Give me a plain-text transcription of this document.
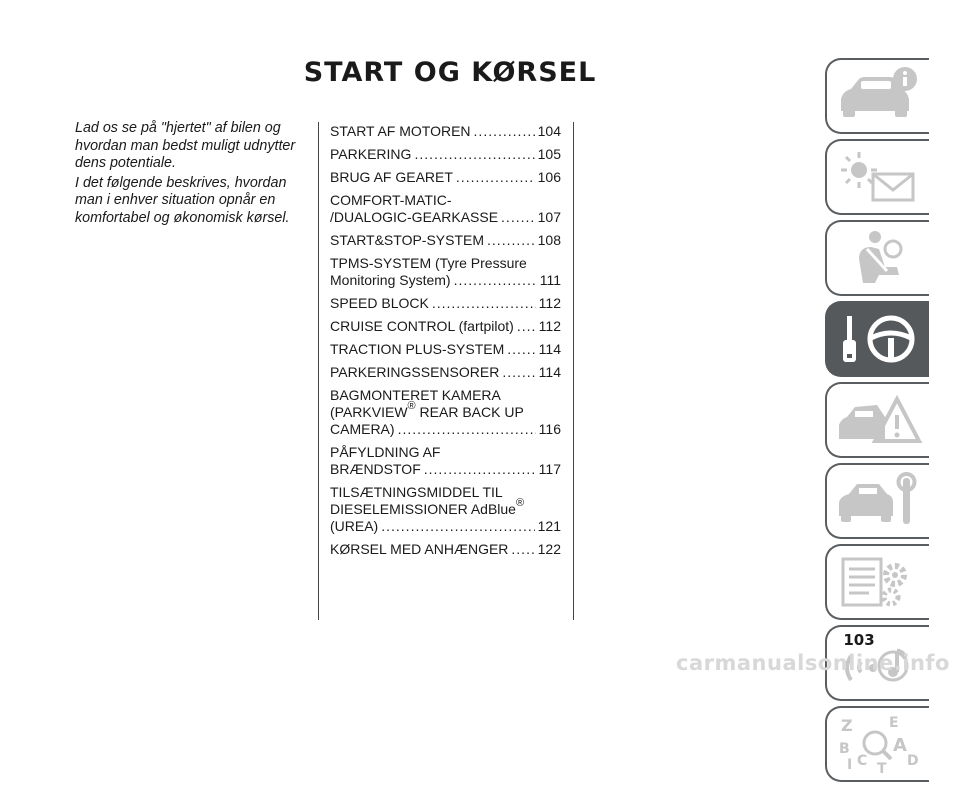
START OG KØRSEL

Lad os se på "hjertet" af bilen og hvordan man bedst muligt udnytter dens potentiale.

I det følgende beskrives, hvordan man i enhver situation opnår en komfortabel og økonomisk kørsel.

START AF MOTOREN .....	104
PARKERING .....	105
BRUG AF GEARET .....	106
COMFORT-MATIC-
/DUALOGIC-GEARKASSE .....	107
START&STOP-SYSTEM .....	108
TPMS-SYSTEM (Tyre Pressure
Monitoring System) .....	111
SPEED BLOCK .....	112
CRUISE CONTROL (fartpilot) ..... 112
TRACTION PLUS-SYSTEM ..... 114
PARKERINGSSENSORER .....	114
BAGMONTERET KAMERA
(PARKVIEW® REAR BACK UP
CAMERA) .....	116
PÅFYLDNING AF
BRÆNDSTOF .....	117
TILSÆTNINGSMIDDEL TIL
DIESELEMISSIONER AdBlue®
(UREA) .....	121
KØRSEL MED ANHÆNGER ..... 122
Z	E
B A
I C T D
103
carmanualsonline.info
